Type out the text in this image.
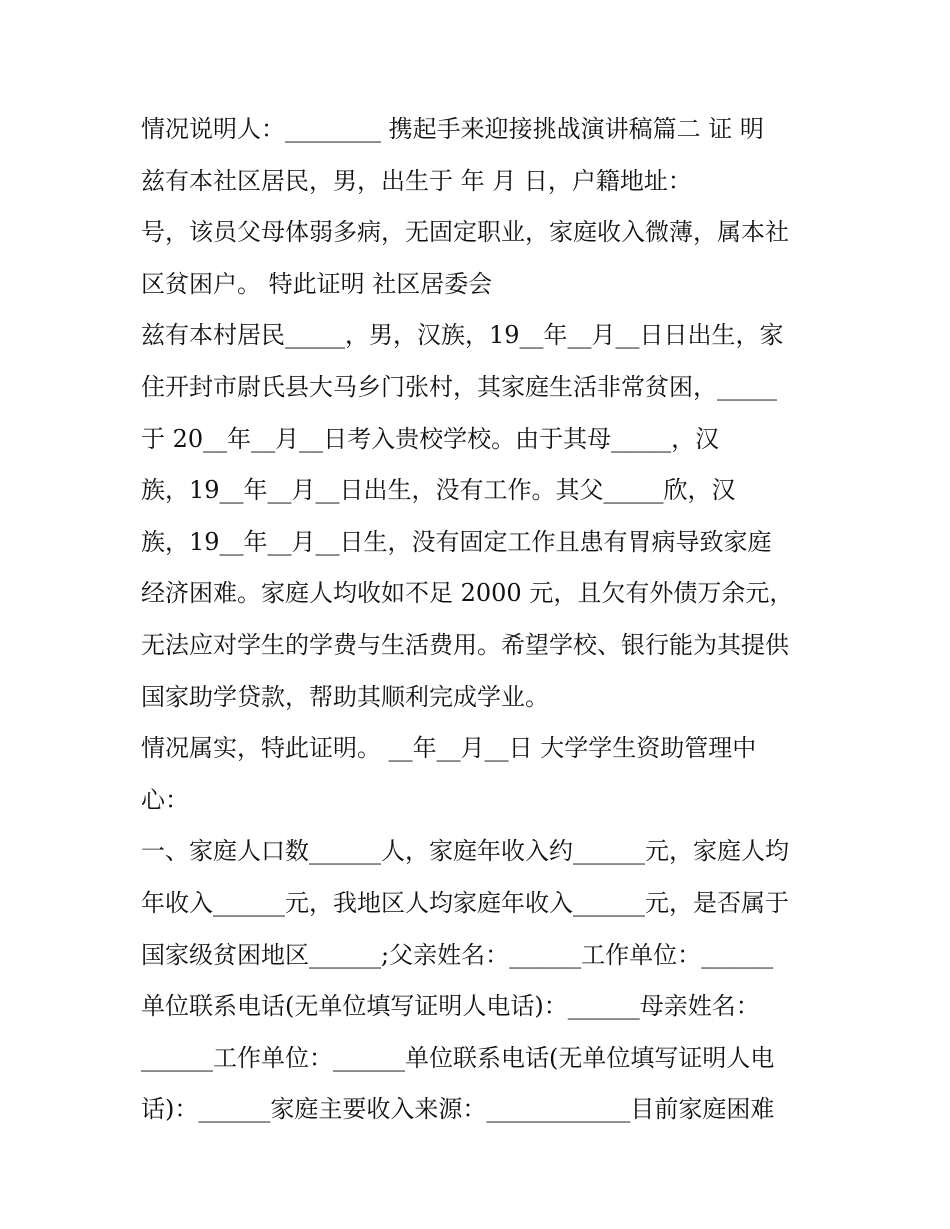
情况说明人：________ 携起手来迎接挑战演讲稿篇二 证 明
兹有本社区居民，男，出生于 年 月 日，户籍地址：
号，该员父母体弱多病，无固定职业，家庭收入微薄，属本社
区贫困户。 特此证明 社区居委会
兹有本村居民_____，男，汉族，19__年__月__日日出生，家
住开封市尉氏县大马乡门张村，其家庭生活非常贫困，_____
于 20__年__月__日考入贵校学校。由于其母_____，汉
族，19__年__月__日出生，没有工作。其父_____欣，汉
族，19__年__月__日生，没有固定工作且患有胃病导致家庭
经济困难。家庭人均收如不足 2000 元，且欠有外债万余元，
无法应对学生的学费与生活费用。希望学校、银行能为其提供
国家助学贷款，帮助其顺利完成学业。
情况属实，特此证明。 __年__月__日 大学学生资助管理中
心：
一、家庭人口数______人，家庭年收入约______元，家庭人均
年收入______元，我地区人均家庭年收入______元，是否属于
国家级贫困地区______;父亲姓名：______工作单位：______
单位联系电话(无单位填写证明人电话)：______母亲姓名：
______工作单位：______单位联系电话(无单位填写证明人电
话)：______家庭主要收入来源：____________目前家庭困难
